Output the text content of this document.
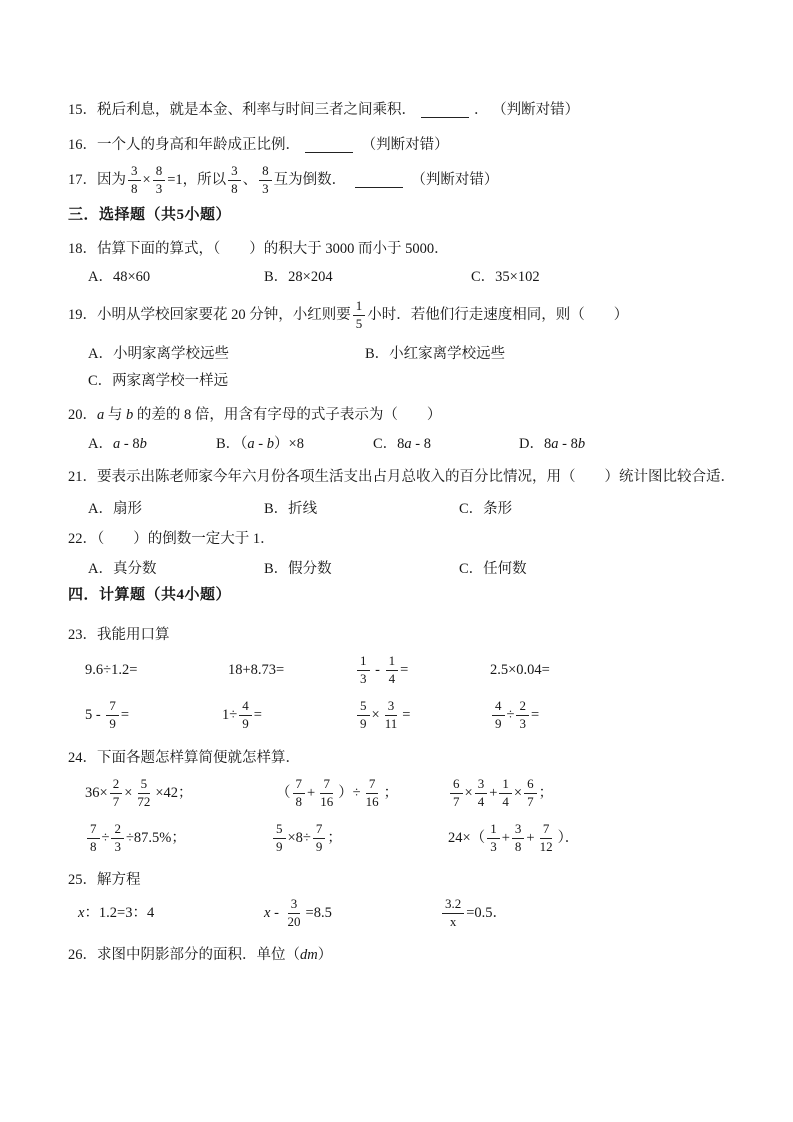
15．税后利息，就是本金、利率与时间三者之间乘积．	． （判断对错）
16．一个人的身高和年龄成正比例．	（判断对错）
17．因为 $\frac{3}{8} \times \frac{8}{3} =1$，所以 $\frac{3}{8}$ 、 $\frac{8}{3}$ 互为倒数．	（判断对错）
三．选择题（共5小题）
18．估算下面的算式，（　　）的积大于 3000 而小于 5000．
A．48×60	B．28×204	C．35×102
19．小明从学校回家要花 20 分钟，小红则要 $\frac{1}{5}$ 小时．若他们行走速度相同，则（　　）
A．小明家离学校远些	B．小红家离学校远些
C．两家离学校一样远
20． a 与 b 的差的 8 倍，用含有字母的式子表示为（　　）
A． a - 8 b	B．（ a - b ）×8	C．8 a - 8	D．8 a - 8 b
21．要表示出陈老师家今年六月份各项生活支出占月总收入的百分比情况，用（　　）统计图比较合适．
A．扇形	B．折线	C．条形
22．（　　）的倒数一定大于 1．
A．真分数	B．假分数	C．任何数
四．计算题（共4小题）
23．我能用口算
9.6÷1.2=	18+8.73=	$\frac{1}{3} - \frac{1}{4}$ =	2.5×0.04=
$5 - \frac{7}{9}$ =	$1\div \frac{4}{9}$ =	$\frac{5}{9} \times \frac{3}{11}$ =	$\frac{4}{9} \div \frac{2}{3}$ =
24．下面各题怎样算简便就怎样算．
$36\times \frac{2}{7} \times \frac{5}{72} \times 42$；	（ $\frac{7}{8} + \frac{7}{16}$ ）÷ $\frac{7}{16}$ ；	$\frac{6}{7} \times \frac{3}{4} + \frac{1}{4} \times \frac{6}{7}$ ；
$\frac{7}{8} \div \frac{2}{3} \div 87.5\%$；	$\frac{5}{9} \times 8\div \frac{7}{9}$ ；	$24\times( \frac{1}{3} + \frac{3}{8} + \frac{7}{12}$ ）．
25．解方程
x ：1.2=3：4	$x - \frac{3}{20} =8.5$	$\frac{3.2}{x} =0.5$．
26．求图中阴影部分的面积．单位（ dm ）
